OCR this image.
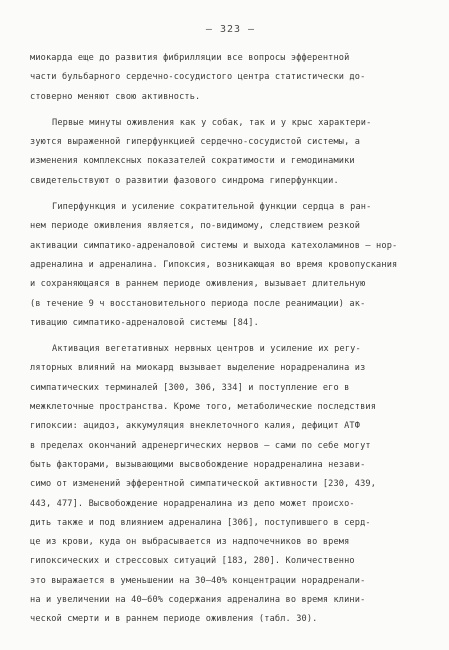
– 323 –
миокарда еще до развития фибрилляции все вопросы эфферентной
части бульбарного сердечно-сосудистого центра статистически до-
стоверно меняют свою активность.
Первые минуты оживления как у собак, так и у крыс характери-
зуются выраженной гиперфункцией сердечно-сосудистой системы, а
изменения комплексных показателей сократимости и гемодинамики
свидетельствуют о развитии фазового синдрома гиперфункции.
Гиперфункция и усиление сократительной функции сердца в ран-
нем периоде оживления является, по-видимому, следствием резкой
активации симпатико-адреналовой системы и выхода катехоламинов — нор-
адреналина и адреналина. Гипоксия, возникающая во время кровопускания
и сохраняющаяся в раннем периоде оживления, вызывает длительную
(в течение 9 ч восстановительного периода после реанимации) ак-
тивацию симпатико-адреналовой системы [84].
Активация вегетативных нервных центров и усиление их регу-
ляторных влияний на миокард вызывает выделение норадреналина из
симпатических терминалей [300, 306, 334] и поступление его в
межклеточные пространства. Кроме того, метаболические последствия
гипоксии: ацидоз, аккумуляция внеклеточного калия, дефицит АТФ
в пределах окончаний адренергических нервов — сами по себе могут
быть факторами, вызывающими высвобождение норадреналина незави-
симо от изменений эфферентной симпатической активности [230, 439,
443, 477]. Высвобождение норадреналина из депо может происхо-
дить также и под влиянием адреналина [306], поступившего в серд-
це из крови, куда он выбрасывается из надпочечников во время
гипоксических и стрессовых ситуаций [183, 280]. Количественно
это выражается в уменьшении на 30—40% концентрации норадренали-
на и увеличении на 40—60% содержания адреналина во время клини-
ческой смерти и в раннем периоде оживления (табл. 30).
